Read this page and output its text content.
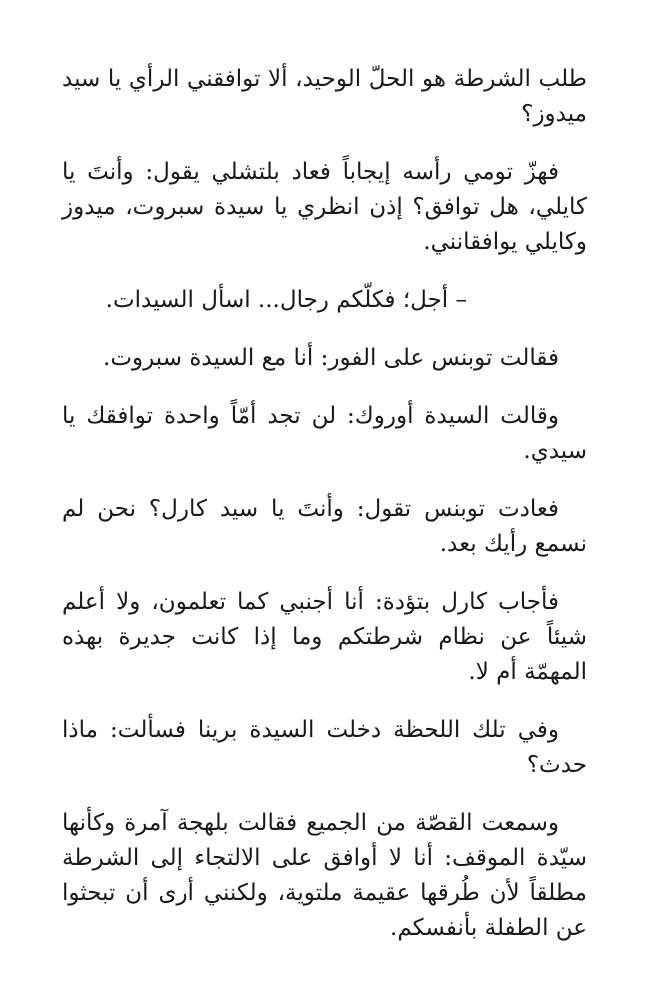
طلب الشرطة هو الحلّ الوحيد، ألا توافقني الرأي يا سيد ميدوز؟

فهزّ تومي رأسه إيجاباً فعاد بلتشلي يقول: وأنتَ يا كايلي، هل توافق؟ إذن انظري يا سيدة سبروت، ميدوز وكايلي يوافقانني.

– أجل؛ فكلّكم رجال... اسأل السيدات.

فقالت توبنس على الفور: أنا مع السيدة سبروت.

وقالت السيدة أوروك: لن تجد أمّاً واحدة توافقك يا سيدي.

فعادت توبنس تقول: وأنتَ يا سيد كارل؟ نحن لم نسمع رأيك بعد.

فأجاب كارل بتؤدة: أنا أجنبي كما تعلمون، ولا أعلم شيئاً عن نظام شرطتكم وما إذا كانت جديرة بهذه المهمّة أم لا.

وفي تلك اللحظة دخلت السيدة برينا فسألت: ماذا حدث؟

وسمعت القصّة من الجميع فقالت بلهجة آمرة وكأنها سيّدة الموقف: أنا لا أوافق على الالتجاء إلى الشرطة مطلقاً لأن طُرقها عقيمة ملتوية، ولكنني أرى أن تبحثوا عن الطفلة بأنفسكم.
